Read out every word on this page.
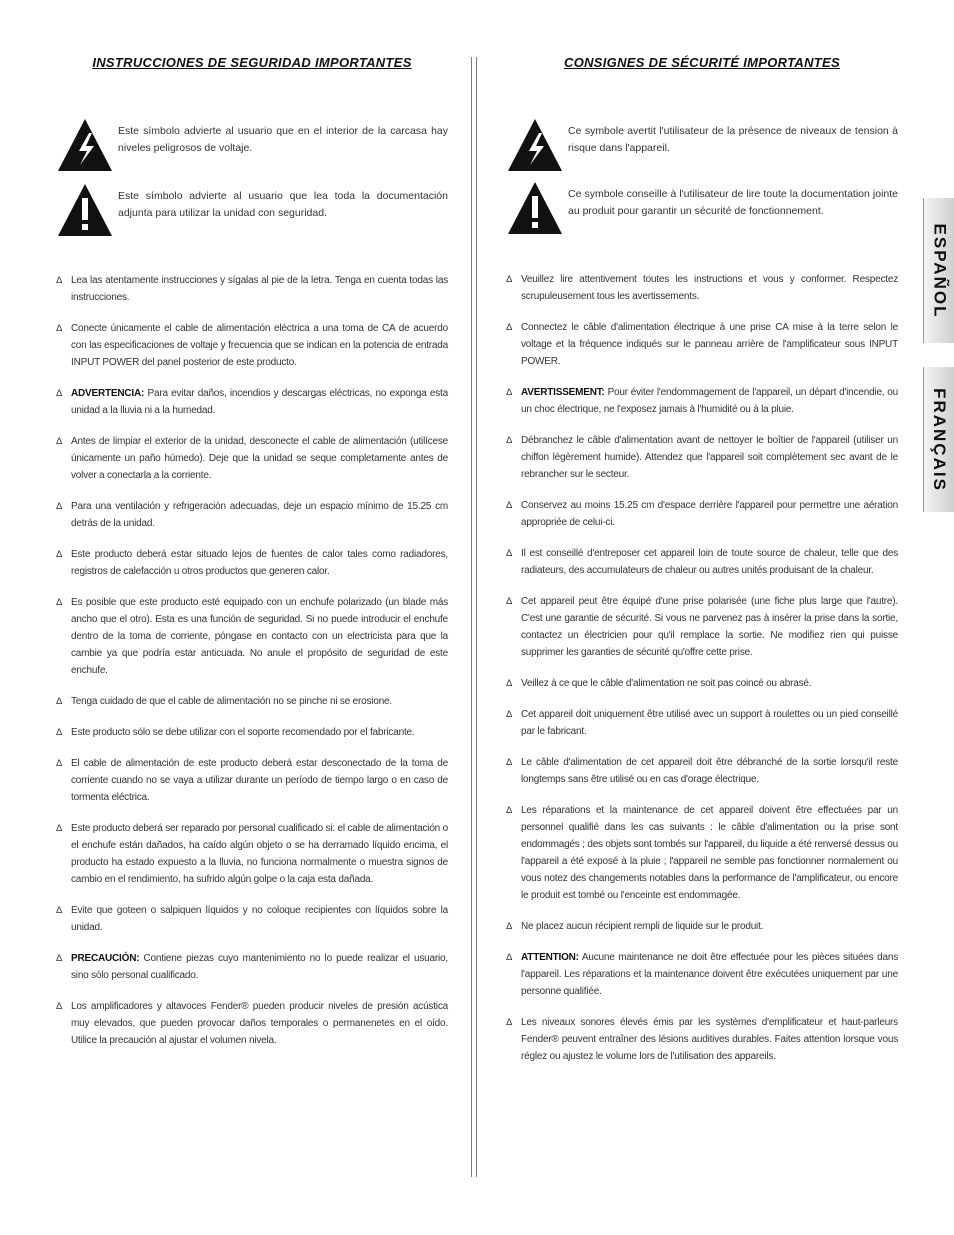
INSTRUCCIONES DE SEGURIDAD IMPORTANTES
Este símbolo advierte al usuario que en el interior de la carcasa hay niveles peligrosos de voltaje.
Este símbolo advierte al usuario que lea toda la documentación adjunta para utilizar la unidad con seguridad.
Δ Lea las atentamente instrucciones y sígalas al pie de la letra. Tenga en cuenta todas las instrucciones.
Δ Conecte únicamente el cable de alimentación eléctrica a una toma de CA de acuerdo con las especificaciones de voltaje y frecuencia que se indican en la potencia de entrada INPUT POWER del panel posterior de este producto.
Δ ADVERTENCIA: Para evitar daños, incendios y descargas eléctricas, no exponga esta unidad a la lluvia ni a la humedad.
Δ Antes de limpiar el exterior de la unidad, desconecte el cable de alimentación (utilícese únicamente un paño húmedo). Deje que la unidad se seque completamente antes de volver a conectarla a la corriente.
Δ Para una ventilación y refrigeración adecuadas, deje un espacio mínimo de 15.25 cm detrás de la unidad.
Δ Este producto deberá estar situado lejos de fuentes de calor tales como radiadores, registros de calefacción u otros productos que generen calor.
Δ Es posible que este producto esté equipado con un enchufe polarizado (un blade más ancho que el otro). Esta es una función de seguridad. Si no puede introducir el enchufe dentro de la toma de corriente, póngase en contacto con un electricista para que la cambie ya que podría estar anticuada. No anule el propósito de seguridad de este enchufe.
Δ Tenga cuidado de que el cable de alimentación no se pinche ni se erosione.
Δ Este producto sólo se debe utilizar con el soporte recomendado por el fabricante.
Δ El cable de alimentación de este producto deberá estar desconectado de la toma de corriente cuando no se vaya a utilizar durante un período de tiempo largo o en caso de tormenta eléctrica.
Δ Este producto deberá ser reparado por personal cualificado si: el cable de alimentación o el enchufe están dañados, ha caído algún objeto o se ha derramado líquido encima, el producto ha estado expuesto a la lluvia, no funciona normalmente o muestra signos de cambio en el rendimiento, ha sufrido algún golpe o la caja esta dañada.
Δ Evite que goteen o salpiquen líquidos y no coloque recipientes con líquidos sobre la unidad.
Δ PRECAUCIÓN: Contiene piezas cuyo mantenimiento no lo puede realizar el usuario, sino sólo personal cualificado.
Δ Los amplificadores y altavoces Fender® pueden producir niveles de presión acústica muy elevados, que pueden provocar daños temporales o permanenetes en el oído. Utilice la precaución al ajustar el volumen nivela.
CONSIGNES DE SÉCURITÉ IMPORTANTES
Ce symbole avertit l'utilisateur de la présence de niveaux de tension à risque dans l'appareil.
Ce symbole conseille à l'utilisateur de lire toute la documentation jointe au produit pour garantir un sécurité de fonctionnement.
Δ Veuillez lire attentivement toutes les instructions et vous y conformer. Respectez scrupuleusement tous les avertissements.
Δ Connectez le câble d'alimentation électrique à une prise CA mise à la terre selon le voltage et la fréquence indiqués sur le panneau arrière de l'amplificateur sous INPUT POWER.
Δ AVERTISSEMENT: Pour éviter l'endommagement de l'appareil, un départ d'incendie, ou un choc électrique, ne l'exposez jamais à l'humidité ou à la pluie.
Δ Débranchez le câble d'alimentation avant de nettoyer le boîtier de l'appareil (utiliser un chiffon légèrement humide). Attendez que l'appareil soit complètement sec avant de le rebrancher sur le secteur.
Δ Conservez au moins 15.25 cm d'espace derrière l'appareil pour permettre une aération appropriée de celui-ci.
Δ Il est conseillé d'entreposer cet appareil loin de toute source de chaleur, telle que des radiateurs, des accumulateurs de chaleur ou autres unités produisant de la chaleur.
Δ Cet appareil peut être équipé d'une prise polarisée (une fiche plus large que l'autre). C'est une garantie de sécurité. Si vous ne parvenez pas à insérer la prise dans la sortie, contactez un électricien pour qu'il remplace la sortie. Ne modifiez rien qui puisse supprimer les garanties de sécurité qu'offre cette prise.
Δ Veillez à ce que le câble d'alimentation ne soit pas coincé ou abrasé.
Δ Cet appareil doit uniquement être utilisé avec un support à roulettes ou un pied conseillé par le fabricant.
Δ Le câble d'alimentation de cet appareil doit être débranché de la sortie lorsqu'il reste longtemps sans être utilisé ou en cas d'orage électrique.
Δ Les réparations et la maintenance de cet appareil doivent être effectuées par un personnel qualifié dans les cas suivants : le câble d'alimentation ou la prise sont endommagés ; des objets sont tombés sur l'appareil, du liquide a été renversé dessus ou l'appareil a été exposé à la pluie ; l'appareil ne semble pas fonctionner normalement ou vous notez des changements notables dans la performance de l'amplificateur, ou encore le produit est tombé ou l'enceinte est endommagée.
Δ Ne placez aucun récipient rempli de liquide sur le produit.
Δ ATTENTION: Aucune maintenance ne doit être effectuée pour les pièces situées dans l'appareil. Les réparations et la maintenance doivent être exécutées uniquement par une personne qualifiée.
Δ Les niveaux sonores élevés émis par les systèmes d'emplificateur et haut-parleurs Fender® peuvent entraîner des lésions auditives durables. Faites attention lorsque vous réglez ou ajustez le volume lors de l'utilisation des appareils.
ESPAÑOL
FRANÇAIS
